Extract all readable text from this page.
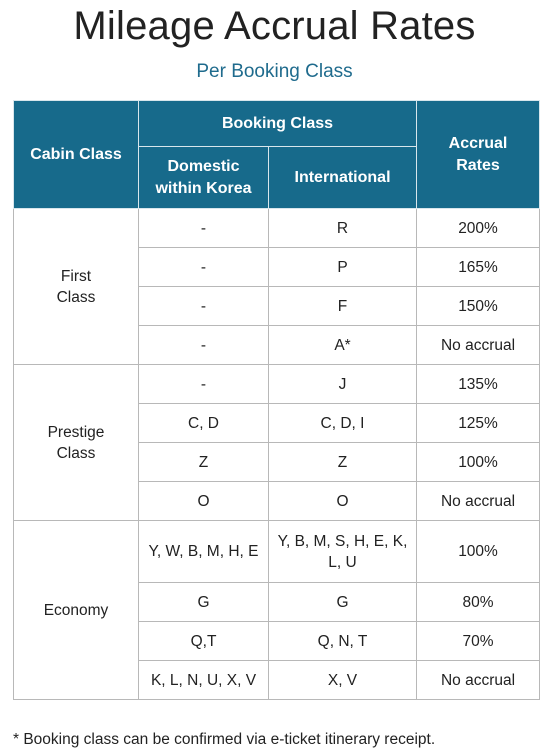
Mileage Accrual Rates
Per Booking Class
Cabin Class	Booking Class		Accrual Rates
	Domestic within Korea	International	
First Class	-	R	200%
	-	P	165%
	-	F	150%
	-	A*	No accrual
Prestige Class	-	J	135%
	C, D	C, D, I	125%
	Z	Z	100%
	O	O	No accrual
Economy	Y, W, B, M, H, E	Y, B, M, S, H, E, K, L, U	100%
	G	G	80%
	Q,T	Q, N, T	70%
	K, L, N, U, X, V	X, V	No accrual
* Booking class can be confirmed via e-ticket itinerary receipt.
